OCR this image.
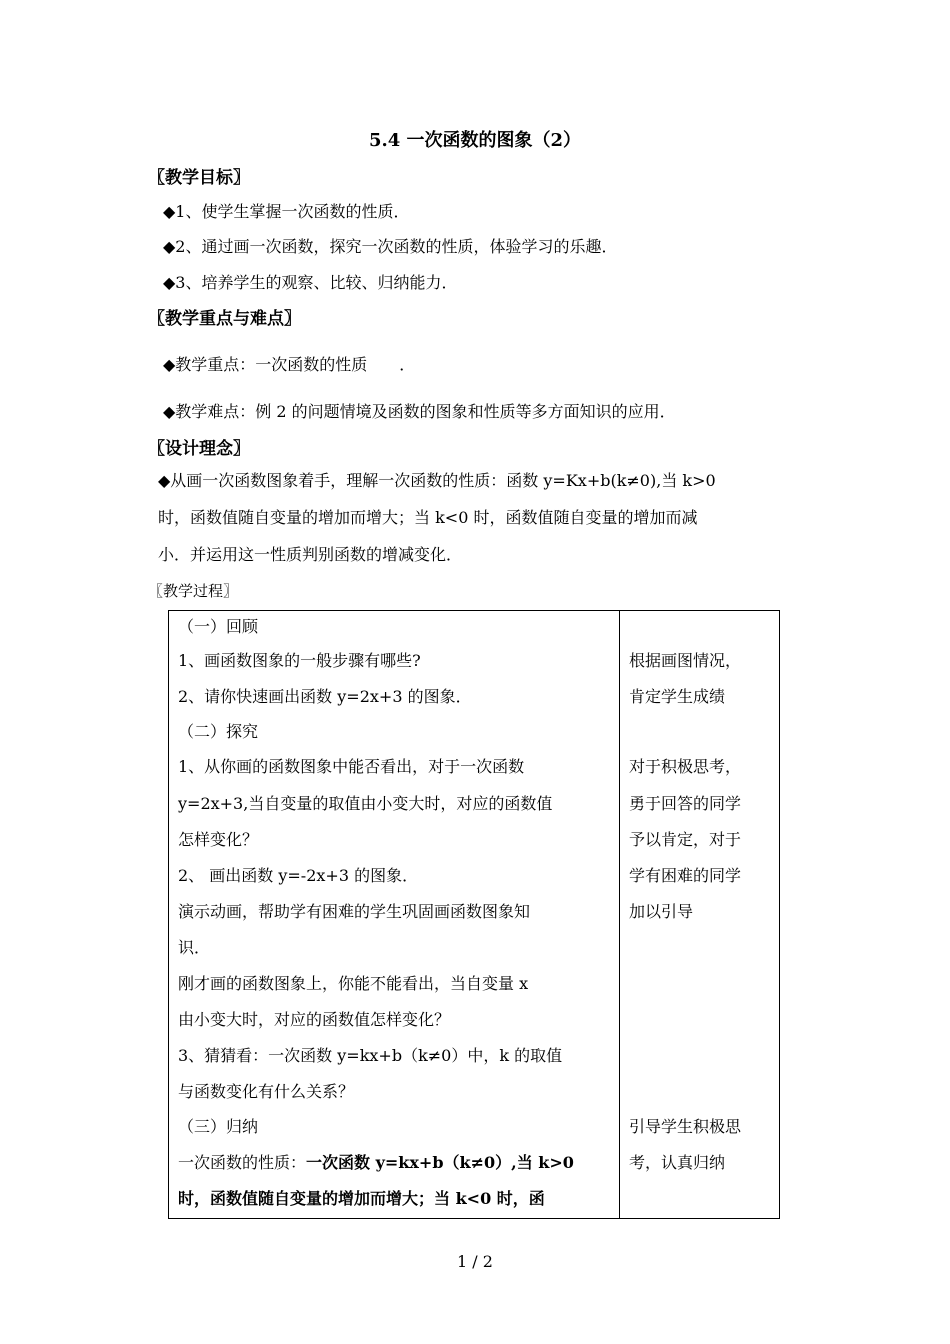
5.4 一次函数的图象（2）
〖教学目标〗
◆1、使学生掌握一次函数的性质．
◆2、通过画一次函数，探究一次函数的性质，体验学习的乐趣．
◆3、培养学生的观察、比较、归纳能力．
〖教学重点与难点〗
◆教学重点：一次函数的性质　　．
◆教学难点：例 2 的问题情境及函数的图象和性质等多方面知识的应用．
〖设计理念〗
◆从画一次函数图象着手，理解一次函数的性质：函数 y=Kx+b(k≠0),当 k>0
时，函数值随自变量的增加而增大；当 k<0 时，函数值随自变量的增加而减
小．并运用这一性质判别函数的增减变化．
〖教学过程〗
（一）回顾
1、画函数图象的一般步骤有哪些?
2、请你快速画出函数 y=2x+3 的图象．
（二）探究
1、从你画的函数图象中能否看出，对于一次函数
y=2x+3,当自变量的取值由小变大时，对应的函数值
怎样变化？
2、 画出函数 y=-2x+3 的图象．
演示动画，帮助学有困难的学生巩固画函数图象知
识．
刚才画的函数图象上，你能不能看出，当自变量 x
由小变大时，对应的函数值怎样变化？
3、猜猜看：一次函数 y=kx+b（k≠0）中，k 的取值
与函数变化有什么关系？
（三）归纳
一次函数的性质：一次函数 y=kx+b（k≠0）,当 k>0
时，函数值随自变量的增加而增大；当 k<0 时，函
根据画图情况，
肯定学生成绩
对于积极思考，
勇于回答的同学
予以肯定，对于
学有困难的同学
加以引导
引导学生积极思
考，认真归纳
1 / 2
